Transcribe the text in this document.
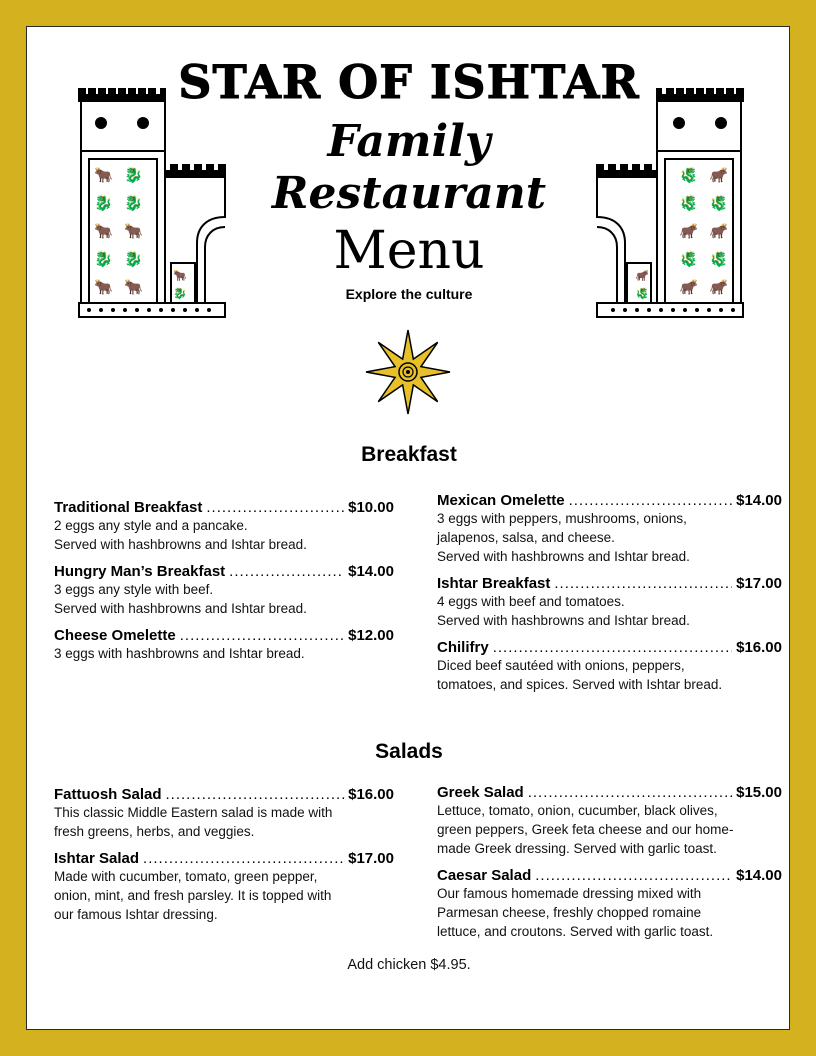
🐂 🐉
🐉 🐉
🐂 🐂
🐉 🐉
🐂 🐂
🐂
🐉
🐂
🐉
🐉
🐉
🐂
🐂
🐉
🐉
🐂
🐂
🐂
🐉
STAR OF ISHTAR
Family
Restaurant
Menu
Explore the culture
Breakfast
Traditional Breakfast .....	$10.00
2 eggs any style and a pancake.
Served with hashbrowns and Ishtar bread.
Hungry Man’s Breakfast .....	$14.00
3 eggs any style with beef.
Served with hashbrowns and Ishtar bread.
Cheese Omelette .....	$12.00
3 eggs with hashbrowns and Ishtar bread.
Mexican Omelette .....	$14.00
3 eggs with peppers, mushrooms, onions,
jalapenos, salsa, and cheese.
Served with hashbrowns and Ishtar bread.
Ishtar Breakfast .....	$17.00
4 eggs with beef and tomatoes.
Served with hashbrowns and Ishtar bread.
Chilifry .....	$16.00
Diced beef sautéed with onions, peppers,
tomatoes, and spices. Served with Ishtar bread.
Salads
Fattuosh Salad .....	$16.00
This classic Middle Eastern salad is made with
fresh greens, herbs, and veggies.
Ishtar Salad .....	$17.00
Made with cucumber, tomato, green pepper,
onion, mint, and fresh parsley. It is topped with
our famous Ishtar dressing.
Greek Salad .....	$15.00
Lettuce, tomato, onion, cucumber, black olives,
green peppers, Greek feta cheese and our home-
made Greek dressing. Served with garlic toast.
Caesar Salad .....	$14.00
Our famous homemade dressing mixed with
Parmesan cheese, freshly chopped romaine
lettuce, and croutons. Served with garlic toast.
Add chicken $4.95.
